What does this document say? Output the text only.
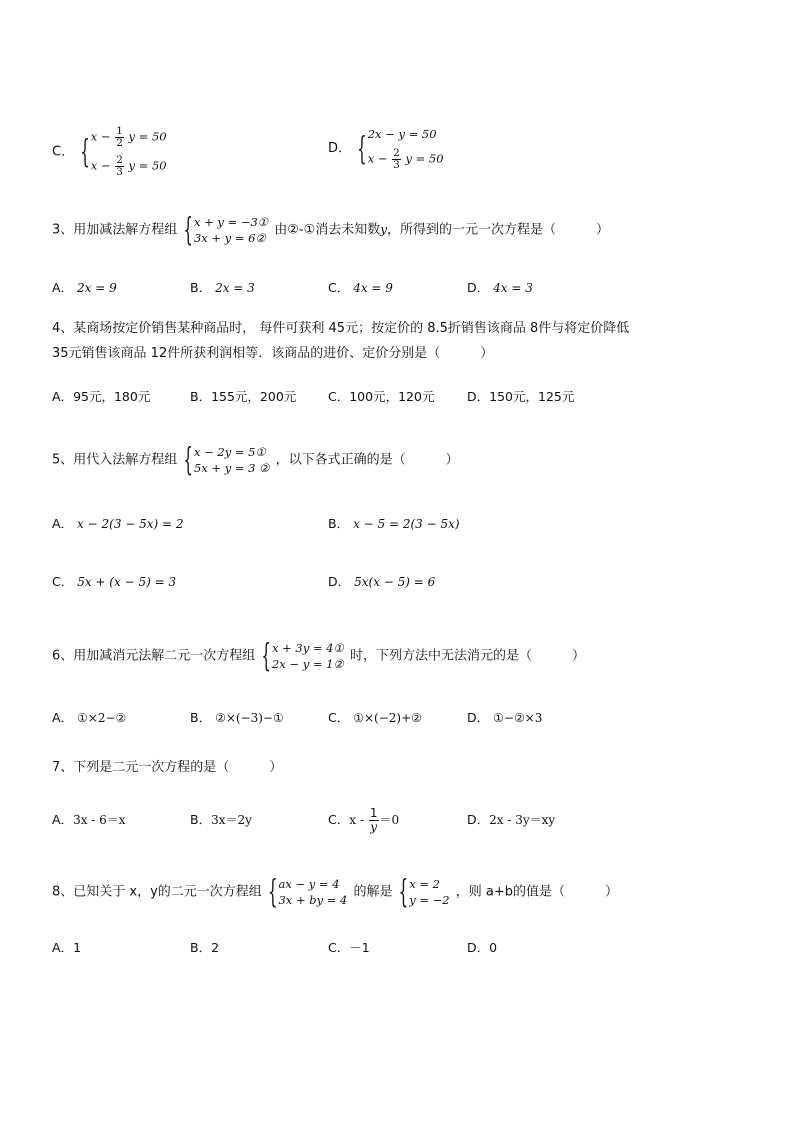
C． { $x - \frac{1}{2}$ y = 50
$x - \frac{2}{3}$ y = 50
D． { 2x − y = 50
$x - \frac{2}{3}$ y = 50
3、用加减法解方程组 { x + y = −3①
3x + y = 6②
由②-①消去未知数y，所得到的一元一次方程是（	）
A． 2x = 9	B． 2x = 3	C． 4x = 9	D． 4x = 3
4、某商场按定价销售某种商品时， 每件可获利 45元；按定价的 8.5折销售该商品 8件与将定价降低
35元销售该商品 12件所获利润相等．该商品的进价、定价分别是（	）
A．95元，180元	B．155元，200元	C．100元，120元	D．150元，125元
5、用代入法解方程组 { x − 2y = 5①
5x + y = 3 ②
，以下各式正确的是（	）
A． x − 2(3 − 5x) = 2	B． x − 5 = 2(3 − 5x)
C． 5x + (x − 5) = 3	D． 5x(x − 5) = 6
6、用加减消元法解二元一次方程组 { x + 3y = 4①
2x − y = 1②
时，下列方法中无法消元的是（	）
A． ①×2−②	B． ②×(−3)−①	C． ①×(−2)+②	D． ①−②×3
7、下列是二元一次方程的是（	）
A．3x - 6＝x	B．3x＝2y	C．$x - \frac{1}{y} =0$	D．2x - 3y＝xy
8、已知关于 x，y的二元一次方程组 { ax − y = 4
3x + by = 4
的解是 { x = 2
y = −2
，则 a+b的值是（	）
A．1	B．2	C．－1	D．0
